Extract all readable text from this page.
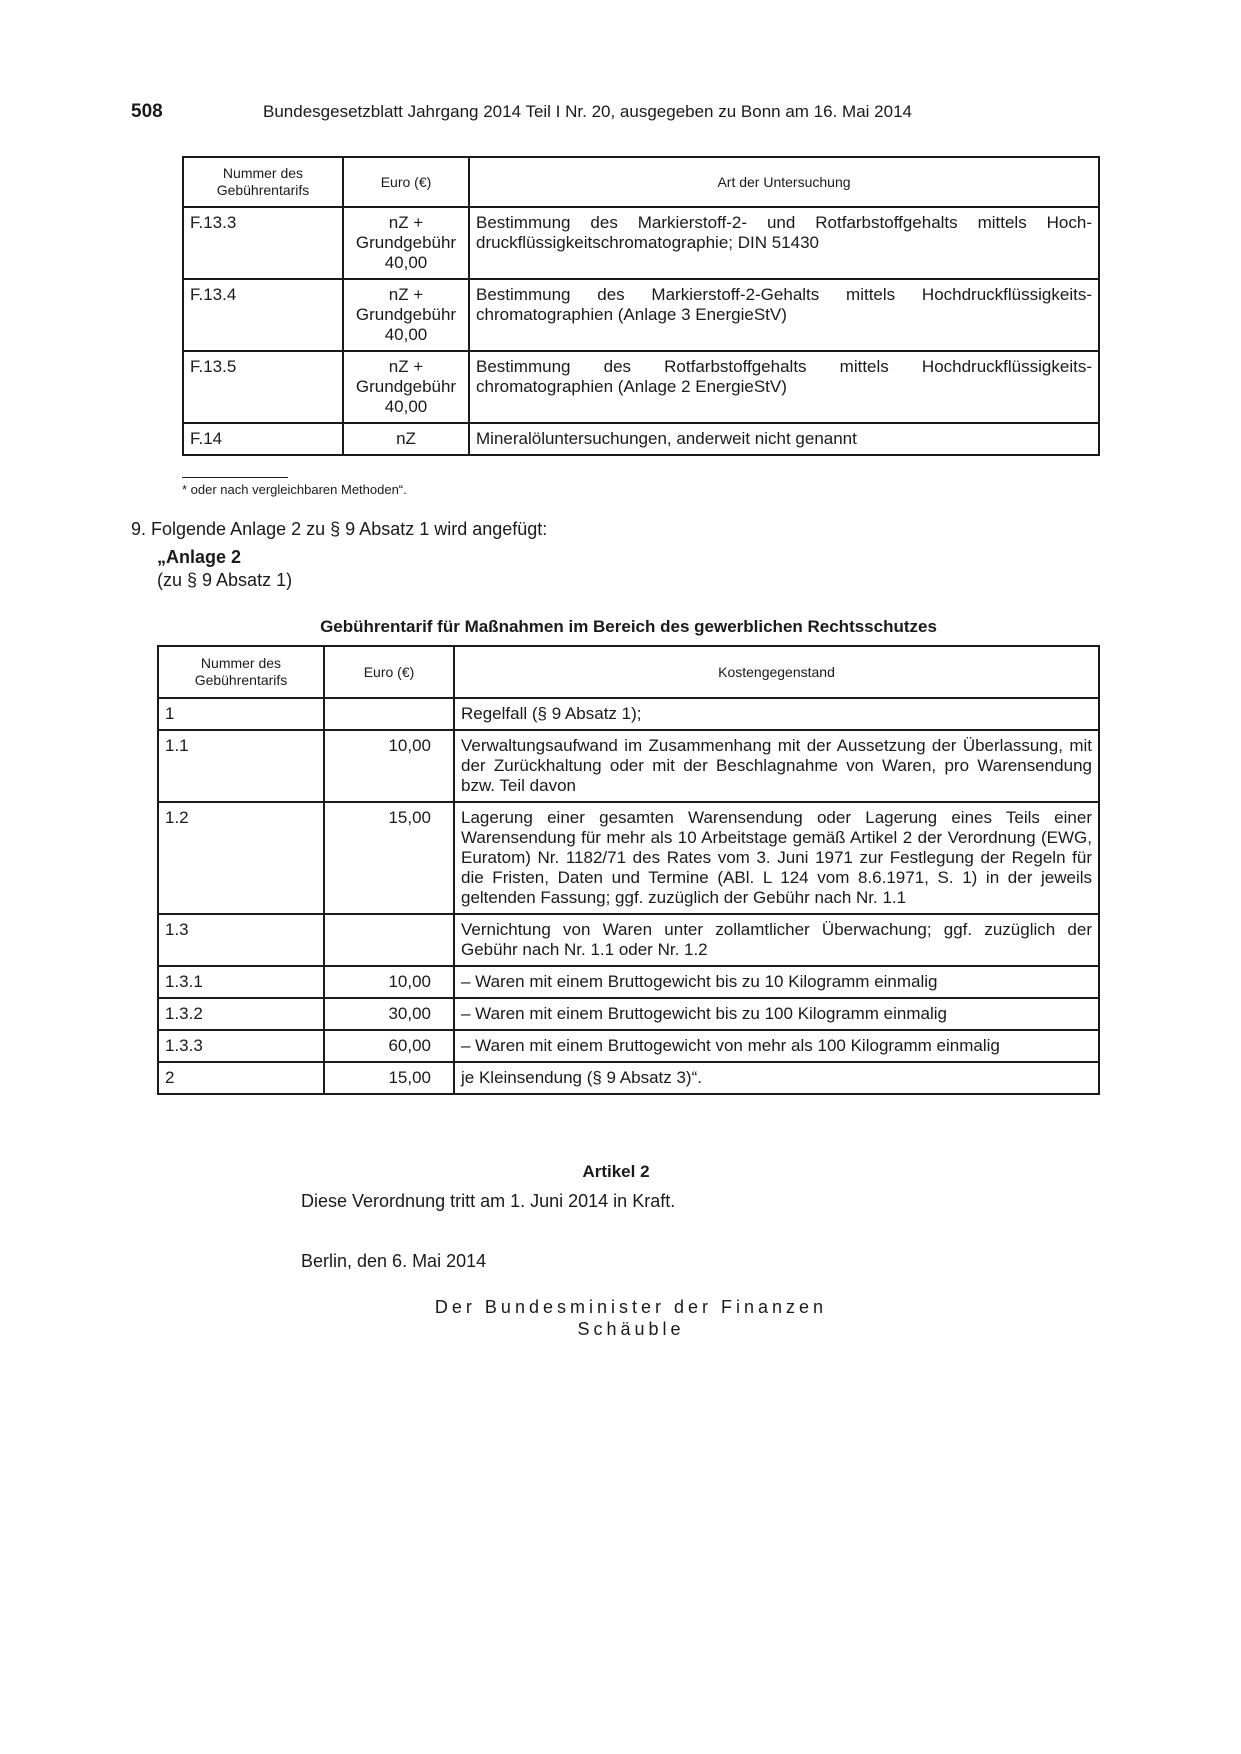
508	Bundesgesetzblatt Jahrgang 2014 Teil I Nr. 20, ausgegeben zu Bonn am 16. Mai 2014
Nummer des Gebührentarifs	Euro (€)	Art der Untersuchung
F.13.3	nZ + Grundgebühr 40,00	Bestimmung des Markierstoff-2- und Rotfarbstoffgehalts mittels Hochdruckflüssigkeitschromatographie; DIN 51430
F.13.4	nZ + Grundgebühr 40,00	Bestimmung des Markierstoff-2-Gehalts mittels Hochdruckflüssigkeitschromatographien (Anlage 3 EnergieStV)
F.13.5	nZ + Grundgebühr 40,00	Bestimmung des Rotfarbstoffgehalts mittels Hochdruckflüssigkeitschromatographien (Anlage 2 EnergieStV)
F.14	nZ	Mineralöluntersuchungen, anderweit nicht genannt
* oder nach vergleichbaren Methoden“.
9. Folgende Anlage 2 zu § 9 Absatz 1 wird angefügt:
„Anlage 2
(zu § 9 Absatz 1)
Gebührentarif für Maßnahmen im Bereich des gewerblichen Rechtsschutzes
Nummer des Gebührentarifs	Euro (€)	Kostengegenstand
1		Regelfall (§ 9 Absatz 1);
1.1	10,00	Verwaltungsaufwand im Zusammenhang mit der Aussetzung der Überlassung, mit der Zurückhaltung oder mit der Beschlagnahme von Waren, pro Warensendung bzw. Teil davon
1.2	15,00	Lagerung einer gesamten Warensendung oder Lagerung eines Teils einer Warensendung für mehr als 10 Arbeitstage gemäß Artikel 2 der Verordnung (EWG, Euratom) Nr. 1182/71 des Rates vom 3. Juni 1971 zur Festlegung der Regeln für die Fristen, Daten und Termine (ABl. L 124 vom 8.6.1971, S. 1) in der jeweils geltenden Fassung; ggf. zuzüglich der Gebühr nach Nr. 1.1
1.3		Vernichtung von Waren unter zollamtlicher Überwachung; ggf. zuzüglich der Gebühr nach Nr. 1.1 oder Nr. 1.2
1.3.1	10,00	– Waren mit einem Bruttogewicht bis zu 10 Kilogramm einmalig
1.3.2	30,00	– Waren mit einem Bruttogewicht bis zu 100 Kilogramm einmalig
1.3.3	60,00	– Waren mit einem Bruttogewicht von mehr als 100 Kilogramm einmalig
2	15,00	je Kleinsendung (§ 9 Absatz 3)“.
Artikel 2
Diese Verordnung tritt am 1. Juni 2014 in Kraft.
Berlin, den 6. Mai 2014
Der Bundesminister der Finanzen
Schäuble
